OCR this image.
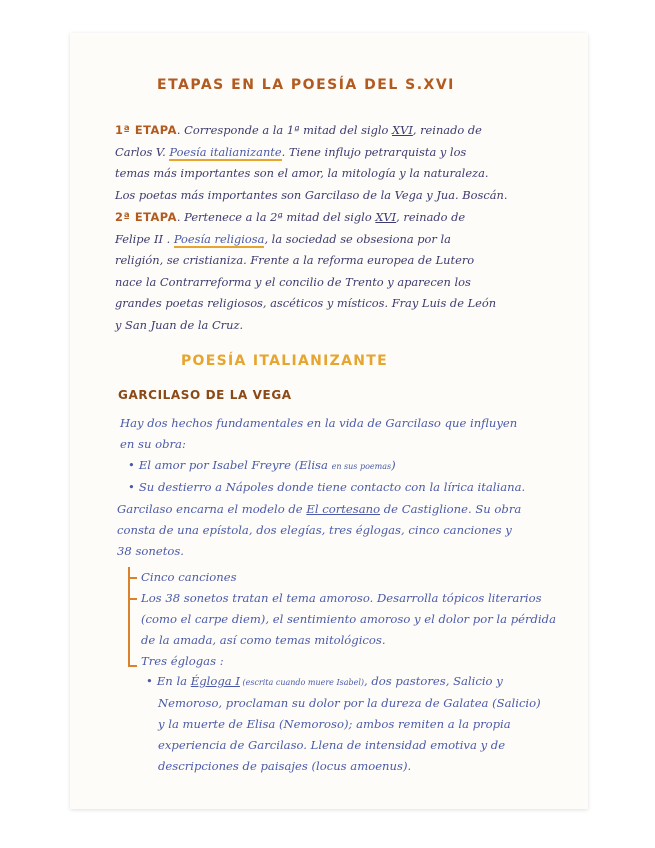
ETAPAS EN LA POESÍA DEL S.XVI
1ª ETAPA. Corresponde a la 1ª mitad del siglo XVI, reinado de
Carlos V. Poesía italianizante. Tiene influjo petrarquista y los
temas más importantes son el amor, la mitología y la naturaleza.
Los poetas más importantes son Garcilaso de la Vega y Jua. Boscán.
2ª ETAPA. Pertenece a la 2ª mitad del siglo XVI, reinado de
Felipe II . Poesía religiosa, la sociedad se obsesiona por la
religión, se cristianiza. Frente a la reforma europea de Lutero
nace la Contrarreforma y el concilio de Trento y aparecen los
grandes poetas religiosos, ascéticos y místicos. Fray Luis de León
y San Juan de la Cruz.
POESÍA ITALIANIZANTE
GARCILASO DE LA VEGA
Hay dos hechos fundamentales en la vida de Garcilaso que influyen
en su obra:
• El amor por Isabel Freyre (Elisa en sus poemas)
• Su destierro a Nápoles donde tiene contacto con la lírica italiana.
Garcilaso encarna el modelo de El cortesano de Castiglione. Su obra
consta de una epístola, dos elegías, tres églogas, cinco canciones y
38 sonetos.
Cinco canciones
Los 38 sonetos tratan el tema amoroso. Desarrolla tópicos literarios
(como el carpe diem), el sentimiento amoroso y el dolor por la pérdida
de la amada, así como temas mitológicos.
Tres églogas :
• En la Égloga I (escrita cuando muere Isabel), dos pastores, Salicio y
Nemoroso, proclaman su dolor por la dureza de Galatea (Salicio)
y la muerte de Elisa (Nemoroso); ambos remiten a la propia
experiencia de Garcilaso. Llena de intensidad emotiva y de
descripciones de paisajes (locus amoenus).
